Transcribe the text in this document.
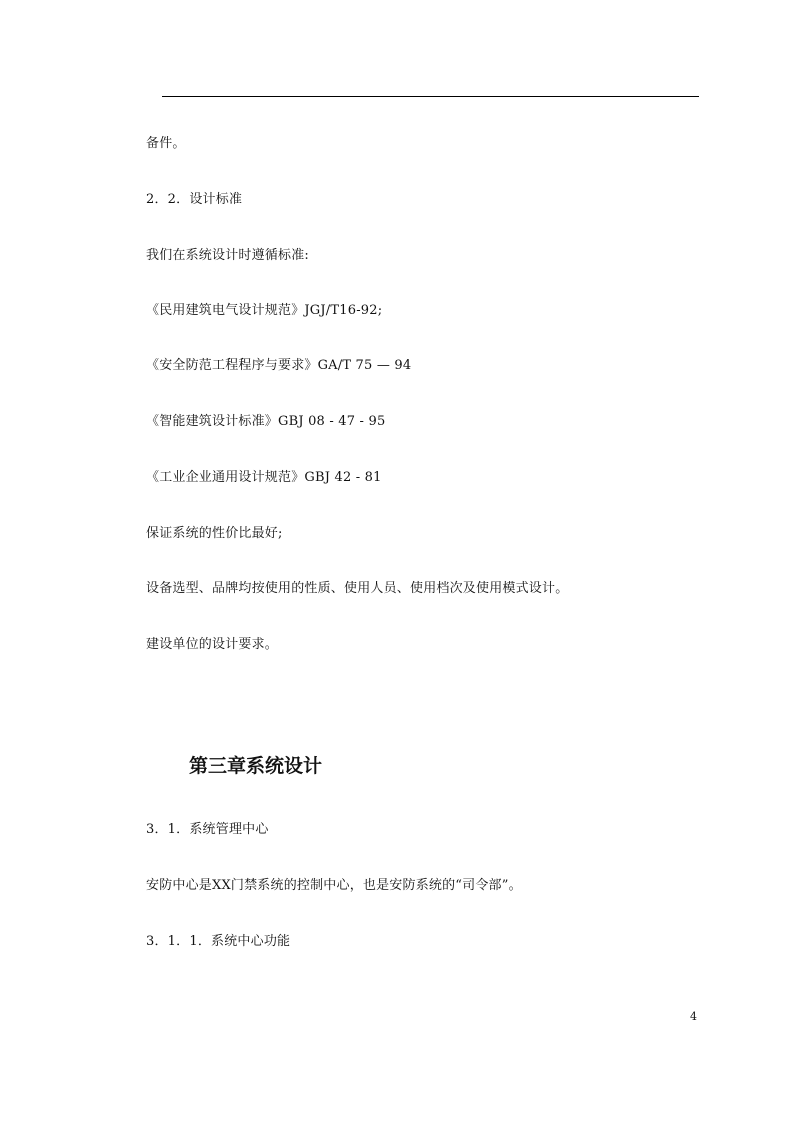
备件。
2．2．设计标准
我们在系统设计时遵循标准:
《民用建筑电气设计规范》JGJ/T16-92;
《安全防范工程程序与要求》GA/T 75 — 94
《智能建筑设计标准》GBJ 08 - 47 - 95
《工业企业通用设计规范》GBJ 42 - 81
保证系统的性价比最好;
设备选型、品牌均按使用的性质、使用人员、使用档次及使用模式设计。
建设单位的设计要求。
第三章系统设计
3．1．系统管理中心
安防中心是XX门禁系统的控制中心，也是安防系统的“司令部”。
3．1．1．系统中心功能
4
